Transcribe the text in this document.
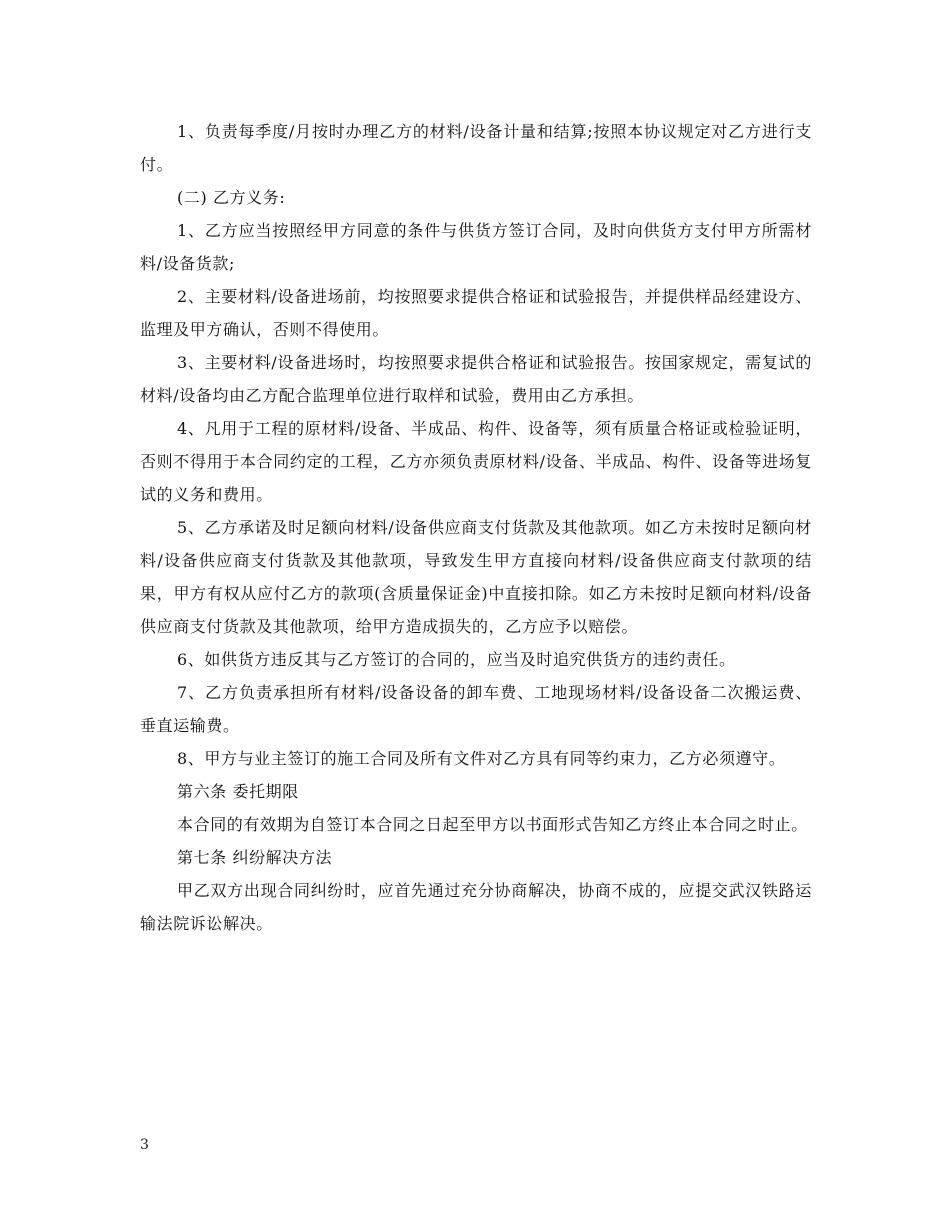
1、负责每季度/月按时办理乙方的材料/设备计量和结算;按照本协议规定对乙方进行支付。

(二) 乙方义务:

1、乙方应当按照经甲方同意的条件与供货方签订合同，及时向供货方支付甲方所需材料/设备货款;

2、主要材料/设备进场前，均按照要求提供合格证和试验报告，并提供样品经建设方、监理及甲方确认，否则不得使用。

3、主要材料/设备进场时，均按照要求提供合格证和试验报告。按国家规定，需复试的材料/设备均由乙方配合监理单位进行取样和试验，费用由乙方承担。

4、凡用于工程的原材料/设备、半成品、构件、设备等，须有质量合格证或检验证明，否则不得用于本合同约定的工程，乙方亦须负责原材料/设备、半成品、构件、设备等进场复试的义务和费用。

5、乙方承诺及时足额向材料/设备供应商支付货款及其他款项。如乙方未按时足额向材料/设备供应商支付货款及其他款项，导致发生甲方直接向材料/设备供应商支付款项的结果，甲方有权从应付乙方的款项(含质量保证金)中直接扣除。如乙方未按时足额向材料/设备供应商支付货款及其他款项，给甲方造成损失的，乙方应予以赔偿。

6、如供货方违反其与乙方签订的合同的，应当及时追究供货方的违约责任。

7、乙方负责承担所有材料/设备设备的卸车费、工地现场材料/设备设备二次搬运费、垂直运输费。

8、甲方与业主签订的施工合同及所有文件对乙方具有同等约束力，乙方必须遵守。

第六条 委托期限

本合同的有效期为自签订本合同之日起至甲方以书面形式告知乙方终止本合同之时止。

第七条 纠纷解决方法

甲乙双方出现合同纠纷时，应首先通过充分协商解决，协商不成的，应提交武汉铁路运输法院诉讼解决。

3
